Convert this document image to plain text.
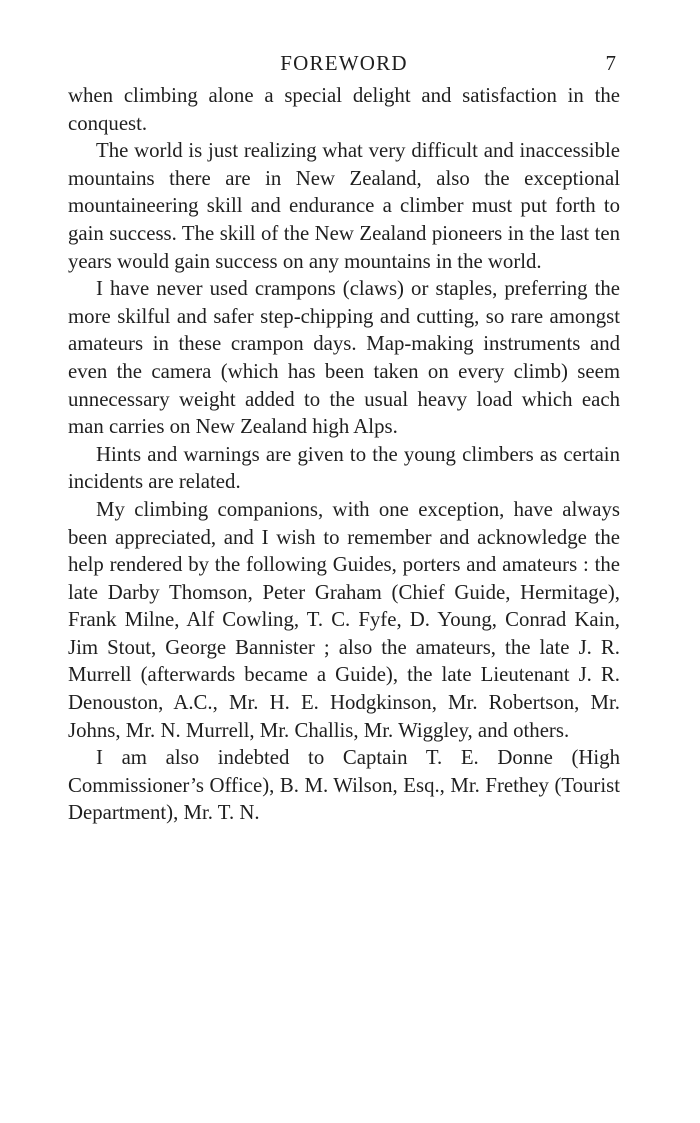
FOREWORD	7

when climbing alone a special delight and satisfaction in the conquest.

The world is just realizing what very difficult and inaccessible mountains there are in New Zealand, also the exceptional mountaineering skill and endurance a climber must put forth to gain success. The skill of the New Zealand pioneers in the last ten years would gain success on any mountains in the world.

I have never used crampons (claws) or staples, preferring the more skilful and safer step-chipping and cutting, so rare amongst amateurs in these crampon days. Map-making instruments and even the camera (which has been taken on every climb) seem unnecessary weight added to the usual heavy load which each man carries on New Zealand high Alps.

Hints and warnings are given to the young climbers as certain incidents are related.

My climbing companions, with one exception, have always been appreciated, and I wish to remember and acknowledge the help rendered by the following Guides, porters and amateurs : the late Darby Thomson, Peter Graham (Chief Guide, Hermitage), Frank Milne, Alf Cowling, T. C. Fyfe, D. Young, Conrad Kain, Jim Stout, George Bannister ; also the amateurs, the late J. R. Murrell (afterwards became a Guide), the late Lieutenant J. R. Denouston, A.C., Mr. H. E. Hodgkinson, Mr. Robertson, Mr. Johns, Mr. N. Murrell, Mr. Challis, Mr. Wiggley, and others.

I am also indebted to Captain T. E. Donne (High Commissioner’s Office), B. M. Wilson, Esq., Mr. Frethey (Tourist Department), Mr. T. N.
